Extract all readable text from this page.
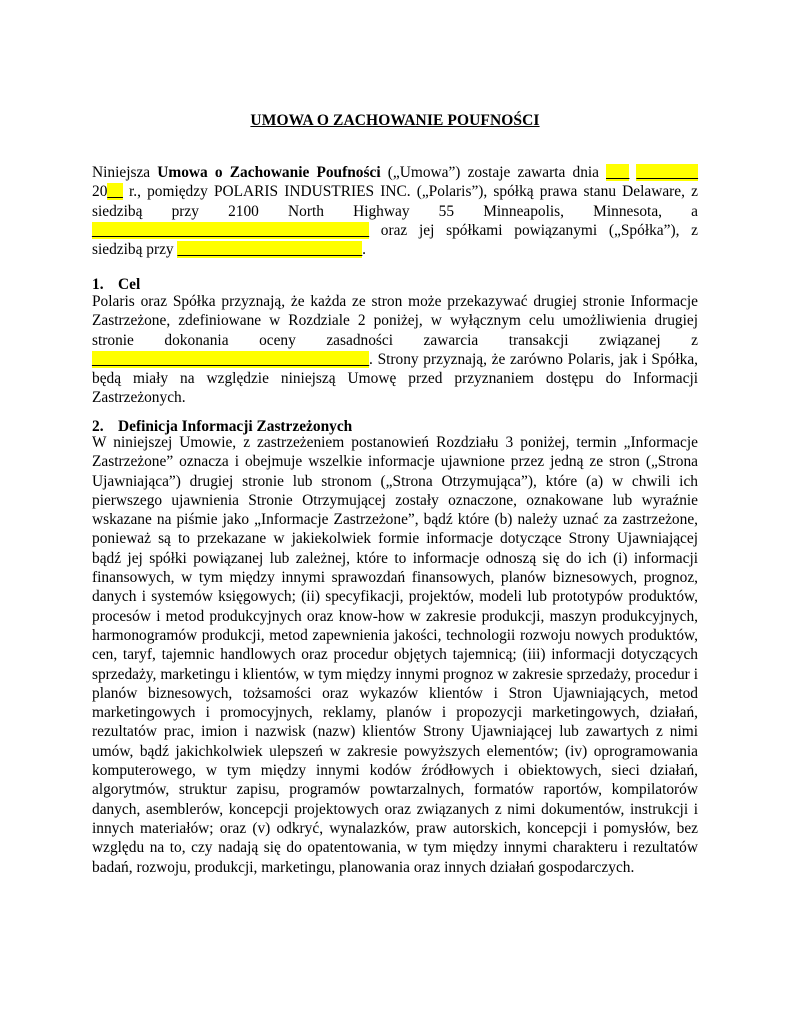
UMOWA O ZACHOWANIE POUFNOŚCI
Niniejsza Umowa o Zachowanie Poufności („Umowa”) zostaje zawarta dnia ___ ________ 20__ r., pomiędzy POLARIS INDUSTRIES INC. („Polaris”), spółką prawa stanu Delaware, z siedzibą przy 2100 North Highway 55 Minneapolis, Minnesota, a ____________________________________ oraz jej spółkami powiązanymi („Spółka”), z siedzibą przy ________________________.
1. Cel
Polaris oraz Spółka przyznają, że każda ze stron może przekazywać drugiej stronie Informacje Zastrzeżone, zdefiniowane w Rozdziale 2 poniżej, w wyłącznym celu umożliwienia drugiej stronie dokonania oceny zasadności zawarcia transakcji związanej z ____________________________________. Strony przyznają, że zarówno Polaris, jak i Spółka, będą miały na względzie niniejszą Umowę przed przyznaniem dostępu do Informacji Zastrzeżonych.
2. Definicja Informacji Zastrzeżonych
W niniejszej Umowie, z zastrzeżeniem postanowień Rozdziału 3 poniżej, termin „Informacje Zastrzeżone” oznacza i obejmuje wszelkie informacje ujawnione przez jedną ze stron („Strona Ujawniająca”) drugiej stronie lub stronom („Strona Otrzymująca”), które (a) w chwili ich pierwszego ujawnienia Stronie Otrzymującej zostały oznaczone, oznakowane lub wyraźnie wskazane na piśmie jako „Informacje Zastrzeżone”, bądź które (b) należy uznać za zastrzeżone, ponieważ są to przekazane w jakiekolwiek formie informacje dotyczące Strony Ujawniającej bądź jej spółki powiązanej lub zależnej, które to informacje odnoszą się do ich (i) informacji finansowych, w tym między innymi sprawozdań finansowych, planów biznesowych, prognoz, danych i systemów księgowych; (ii) specyfikacji, projektów, modeli lub prototypów produktów, procesów i metod produkcyjnych oraz know-how w zakresie produkcji, maszyn produkcyjnych, harmonogramów produkcji, metod zapewnienia jakości, technologii rozwoju nowych produktów, cen, taryf, tajemnic handlowych oraz procedur objętych tajemnicą; (iii) informacji dotyczących sprzedaży, marketingu i klientów, w tym między innymi prognoz w zakresie sprzedaży, procedur i planów biznesowych, tożsamości oraz wykazów klientów i Stron Ujawniających, metod marketingowych i promocyjnych, reklamy, planów i propozycji marketingowych, działań, rezultatów prac, imion i nazwisk (nazw) klientów Strony Ujawniającej lub zawartych z nimi umów, bądź jakichkolwiek ulepszeń w zakresie powyższych elementów; (iv) oprogramowania komputerowego, w tym między innymi kodów źródłowych i obiektowych, sieci działań, algorytmów, struktur zapisu, programów powtarzalnych, formatów raportów, kompilatorów danych, asemblerów, koncepcji projektowych oraz związanych z nimi dokumentów, instrukcji i innych materiałów; oraz (v) odkryć, wynalazków, praw autorskich, koncepcji i pomysłów, bez względu na to, czy nadają się do opatentowania, w tym między innymi charakteru i rezultatów badań, rozwoju, produkcji, marketingu, planowania oraz innych działań gospodarczych.
